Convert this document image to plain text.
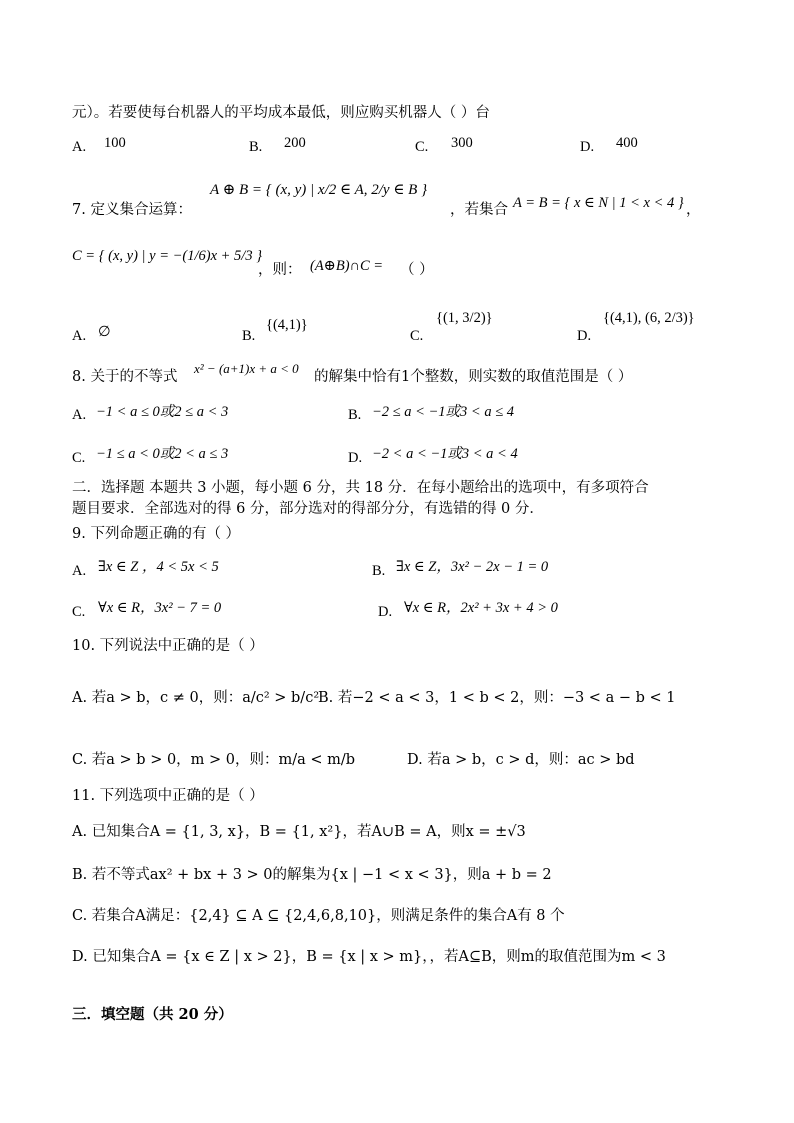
元）。若要使每台机器人的平均成本最低，则应购买机器人（ ）台
A. 100	B. 200	C. 300	D. 400
7. 定义集合运算：
A ⊕ B = { (x, y) | x/2 ∈ A, 2/y ∈ B }
，若集合 A = B = { x ∈ N | 1 < x < 4 } ，
C = { (x, y) | y = −(1/6)x + 5/3 }
，则： (A⊕B)∩C = （ ）
A. ∅	B.
{(4,1)}
C.
{(1, 3/2)}
D.
{(4,1), (6, 2/3)}
8. 关于的不等式
x² − (a+1)x + a < 0
的解集中恰有1个整数，则实数的取值范围是（ ）
A. −1 < a ≤ 0或2 ≤ a < 3	B. −2 ≤ a < −1或3 < a ≤ 4
C. −1 ≤ a < 0或2 < a ≤ 3	D. −2 < a < −1或3 < a < 4
二．选择题 本题共 3 小题，每小题 6 分，共 18 分．在每小题给出的选项中，有多项符合
题目要求．全部选对的得 6 分，部分选对的得部分分，有选错的得 0 分．
9. 下列命题正确的有（ ）
A. ∃x ∈ Z ，4 < 5x < 5	B. ∃x ∈ Z，3x² − 2x − 1 = 0
C. ∀x ∈ R，3x² − 7 = 0	D. ∀x ∈ R，2x² + 3x + 4 > 0
10. 下列说法中正确的是（ ）
A. 若a > b，c ≠ 0，则：a/c² > b/c²
B. 若−2 < a < 3，1 < b < 2，则：−3 < a − b < 1
C. 若a > b > 0，m > 0，则：m/a < m/b	D. 若a > b，c > d，则：ac > bd
11. 下列选项中正确的是（ ）
A. 已知集合A = {1, 3, x}，B = {1, x²}，若A∪B = A，则x = ±√3
B. 若不等式ax² + bx + 3 > 0的解集为{x | −1 < x < 3}，则a + b = 2
C. 若集合A满足：{2,4} ⊆ A ⊆ {2,4,6,8,10}，则满足条件的集合A有 8 个
D. 已知集合A = {x ∈ Z | x > 2}，B = {x | x > m}，，若A⊆B，则m的取值范围为m < 3
三．填空题（共 20 分）
